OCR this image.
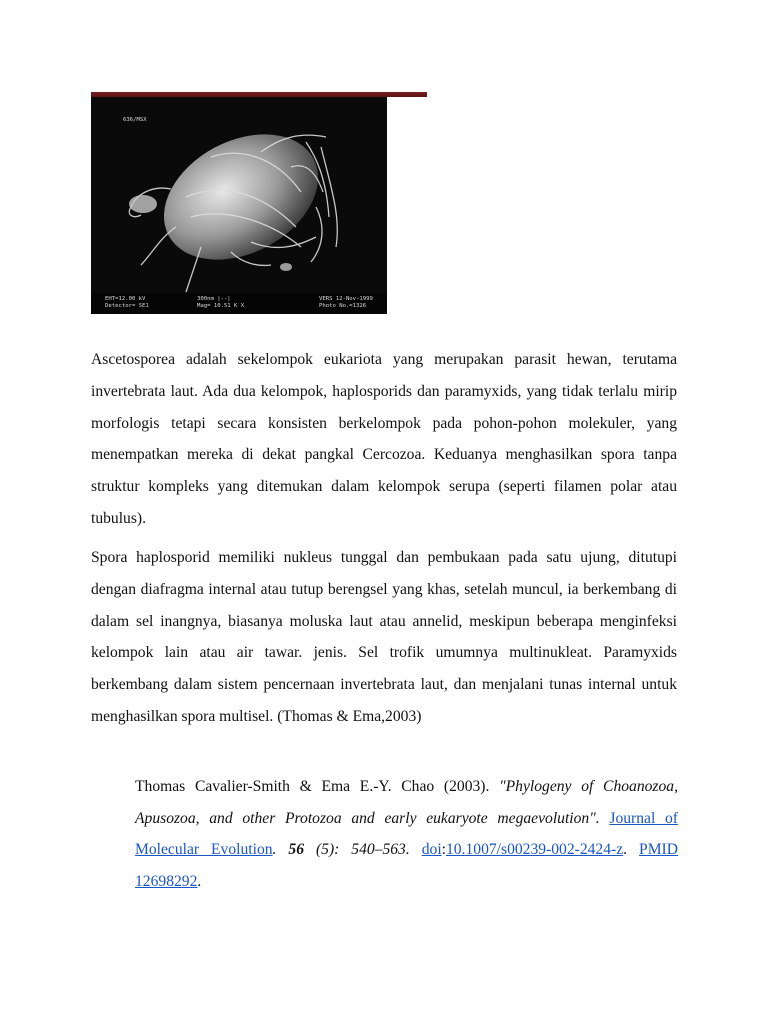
636/MSX
EHT=12.00 kV
Detector= SE1
300nm |--|
Mag= 10.51 K X
VERS 12-Nov-1999
Photo No.=1326

Ascetosporea adalah sekelompok eukariota yang merupakan parasit hewan, terutama invertebrata laut. Ada dua kelompok, haplosporids dan paramyxids, yang tidak terlalu mirip morfologis tetapi secara konsisten berkelompok pada pohon-pohon molekuler, yang menempatkan mereka di dekat pangkal Cercozoa. Keduanya menghasilkan spora tanpa struktur kompleks yang ditemukan dalam kelompok serupa (seperti filamen polar atau tubulus).

Spora haplosporid memiliki nukleus tunggal dan pembukaan pada satu ujung, ditutupi dengan diafragma internal atau tutup berengsel yang khas, setelah muncul, ia berkembang di dalam sel inangnya, biasanya moluska laut atau annelid, meskipun beberapa menginfeksi kelompok lain atau air tawar. jenis. Sel trofik umumnya multinukleat. Paramyxids berkembang dalam sistem pencernaan invertebrata laut, dan menjalani tunas internal untuk menghasilkan spora multisel. (Thomas & Ema,2003)

Thomas Cavalier-Smith & Ema E.-Y. Chao (2003). "Phylogeny of Choanozoa, Apusozoa, and other Protozoa and early eukaryote megaevolution". Journal of Molecular Evolution. 56 (5): 540–563. doi:10.1007/s00239-002-2424-z. PMID 12698292.
